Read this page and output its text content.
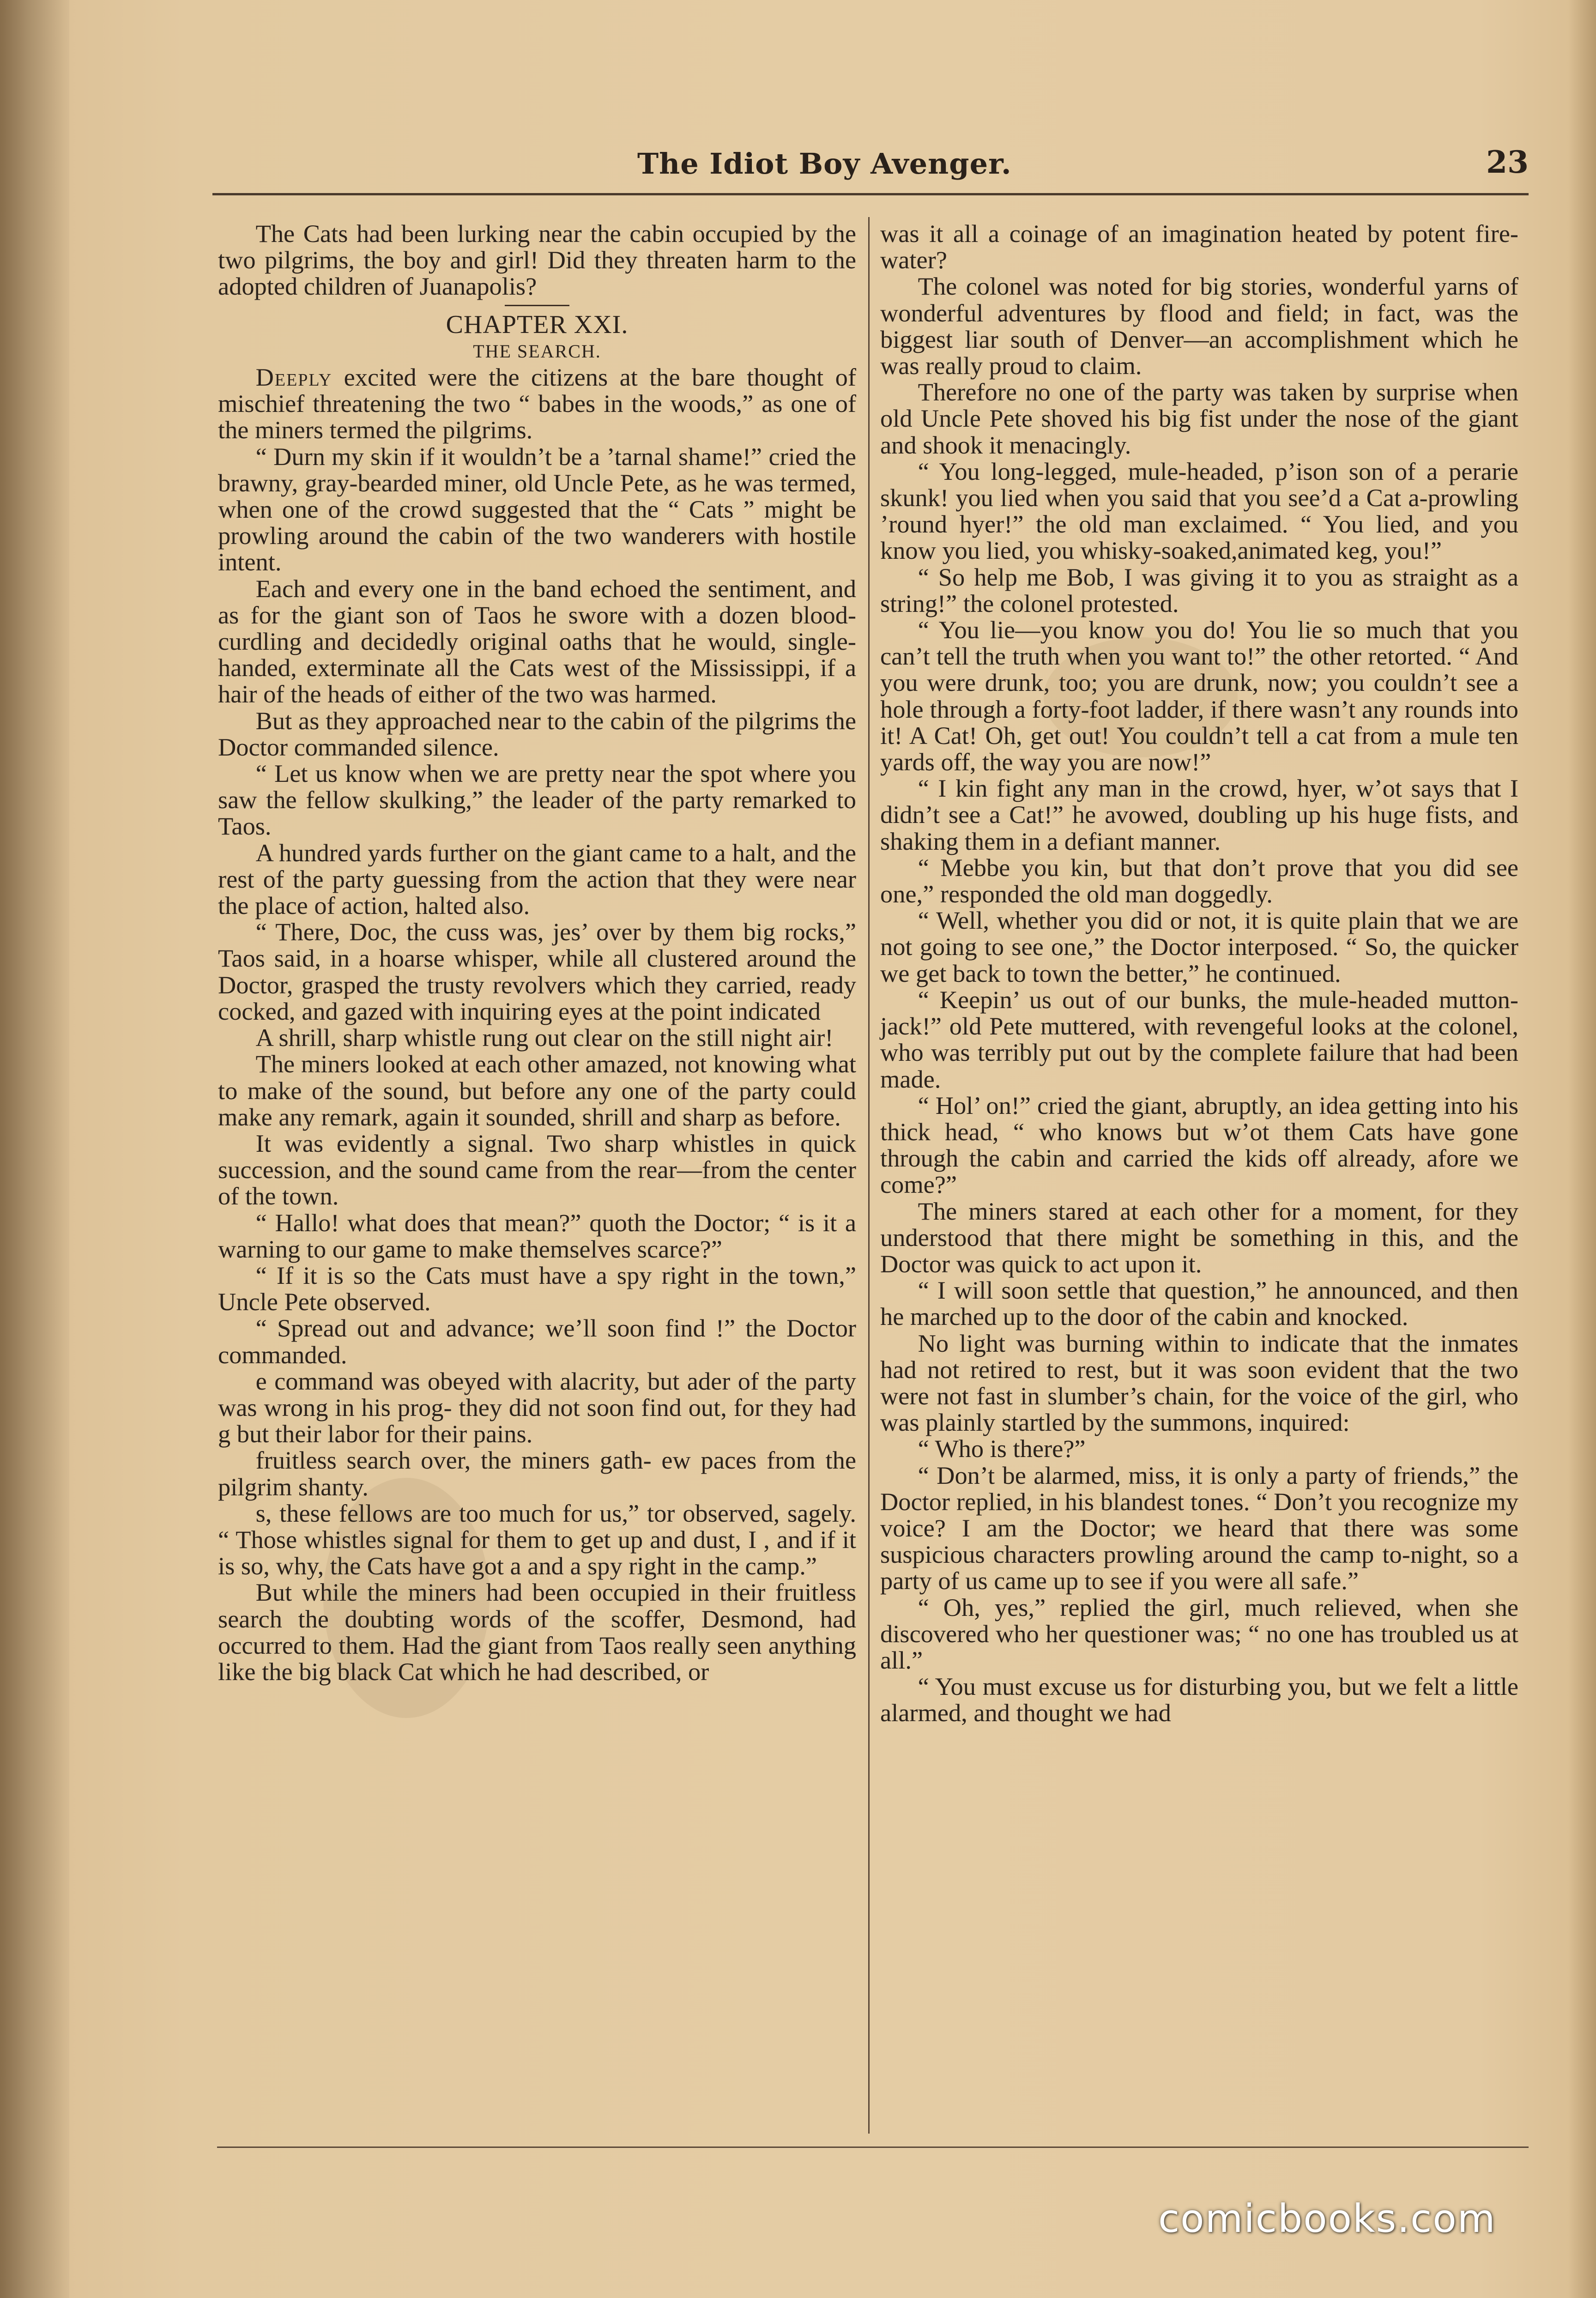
The Idiot Boy Avenger.	23

The Cats had been lurking near the cabin occupied by the two pilgrims, the boy and girl! Did they threaten harm to the adopted children of Juanapolis?

CHAPTER XXI.

THE SEARCH.

Deeply excited were the citizens at the bare thought of mischief threatening the two “ babes in the woods,” as one of the miners termed the pilgrims.

“ Durn my skin if it wouldn’t be a ’tarnal shame!” cried the brawny, gray-bearded miner, old Uncle Pete, as he was termed, when one of the crowd suggested that the “ Cats ” might be prowling around the cabin of the two wanderers with hostile intent.

Each and every one in the band echoed the sentiment, and as for the giant son of Taos he swore with a dozen blood-curdling and decidedly original oaths that he would, single-handed, exterminate all the Cats west of the Mississippi, if a hair of the heads of either of the two was harmed.

But as they approached near to the cabin of the pilgrims the Doctor commanded silence.

“ Let us know when we are pretty near the spot where you saw the fellow skulking,” the leader of the party remarked to Taos.

A hundred yards further on the giant came to a halt, and the rest of the party guessing from the action that they were near the place of action, halted also.

“ There, Doc, the cuss was, jes’ over by them big rocks,” Taos said, in a hoarse whisper, while all clustered around the Doctor, grasped the trusty revolvers which they carried, ready cocked, and gazed with inquiring eyes at the point indicated

A shrill, sharp whistle rung out clear on the still night air!

The miners looked at each other amazed, not knowing what to make of the sound, but before any one of the party could make any remark, again it sounded, shrill and sharp as before.

It was evidently a signal. Two sharp whistles in quick succession, and the sound came from the rear—from the center of the town.

“ Hallo! what does that mean?” quoth the Doctor; “ is it a warning to our game to make themselves scarce?”

“ If it is so the Cats must have a spy right in the town,” Uncle Pete observed.

“ Spread out and advance; we’ll soon find !” the Doctor commanded.

e command was obeyed with alacrity, but ader of the party was wrong in his prog- they did not soon find out, for they had g but their labor for their pains.

fruitless search over, the miners gath- ew paces from the pilgrim shanty.

s, these fellows are too much for us,” tor observed, sagely. “ Those whistles signal for them to get up and dust, I , and if it is so, why, the Cats have got a and a spy right in the camp.”

But while the miners had been occupied in their fruitless search the doubting words of the scoffer, Desmond, had occurred to them. Had the giant from Taos really seen anything like the big black Cat which he had described, or

was it all a coinage of an imagination heated by potent fire-water?

The colonel was noted for big stories, wonderful yarns of wonderful adventures by flood and field; in fact, was the biggest liar south of Denver—an accomplishment which he was really proud to claim.

Therefore no one of the party was taken by surprise when old Uncle Pete shoved his big fist under the nose of the giant and shook it menacingly.

“ You long-legged, mule-headed, p’ison son of a perarie skunk! you lied when you said that you see’d a Cat a-prowling ’round hyer!” the old man exclaimed. “ You lied, and you know you lied, you whisky-soaked,animated keg, you!”

“ So help me Bob, I was giving it to you as straight as a string!” the colonel protested.

“ You lie—you know you do! You lie so much that you can’t tell the truth when you want to!” the other retorted. “ And you were drunk, too; you are drunk, now; you couldn’t see a hole through a forty-foot ladder, if there wasn’t any rounds into it! A Cat! Oh, get out! You couldn’t tell a cat from a mule ten yards off, the way you are now!”

“ I kin fight any man in the crowd, hyer, w’ot says that I didn’t see a Cat!” he avowed, doubling up his huge fists, and shaking them in a defiant manner.

“ Mebbe you kin, but that don’t prove that you did see one,” responded the old man doggedly.

“ Well, whether you did or not, it is quite plain that we are not going to see one,” the Doctor interposed. “ So, the quicker we get back to town the better,” he continued.

“ Keepin’ us out of our bunks, the mule-headed mutton-jack!” old Pete muttered, with revengeful looks at the colonel, who was terribly put out by the complete failure that had been made.

“ Hol’ on!” cried the giant, abruptly, an idea getting into his thick head, “ who knows but w’ot them Cats have gone through the cabin and carried the kids off already, afore we come?”

The miners stared at each other for a moment, for they understood that there might be something in this, and the Doctor was quick to act upon it.

“ I will soon settle that question,” he announced, and then he marched up to the door of the cabin and knocked.

No light was burning within to indicate that the inmates had not retired to rest, but it was soon evident that the two were not fast in slumber’s chain, for the voice of the girl, who was plainly startled by the summons, inquired:

“ Who is there?”

“ Don’t be alarmed, miss, it is only a party of friends,” the Doctor replied, in his blandest tones. “ Don’t you recognize my voice? I am the Doctor; we heard that there was some suspicious characters prowling around the camp to-night, so a party of us came up to see if you were all safe.”

“ Oh, yes,” replied the girl, much relieved, when she discovered who her questioner was; “ no one has troubled us at all.”

“ You must excuse us for disturbing you, but we felt a little alarmed, and thought we had

comicbooks.com
